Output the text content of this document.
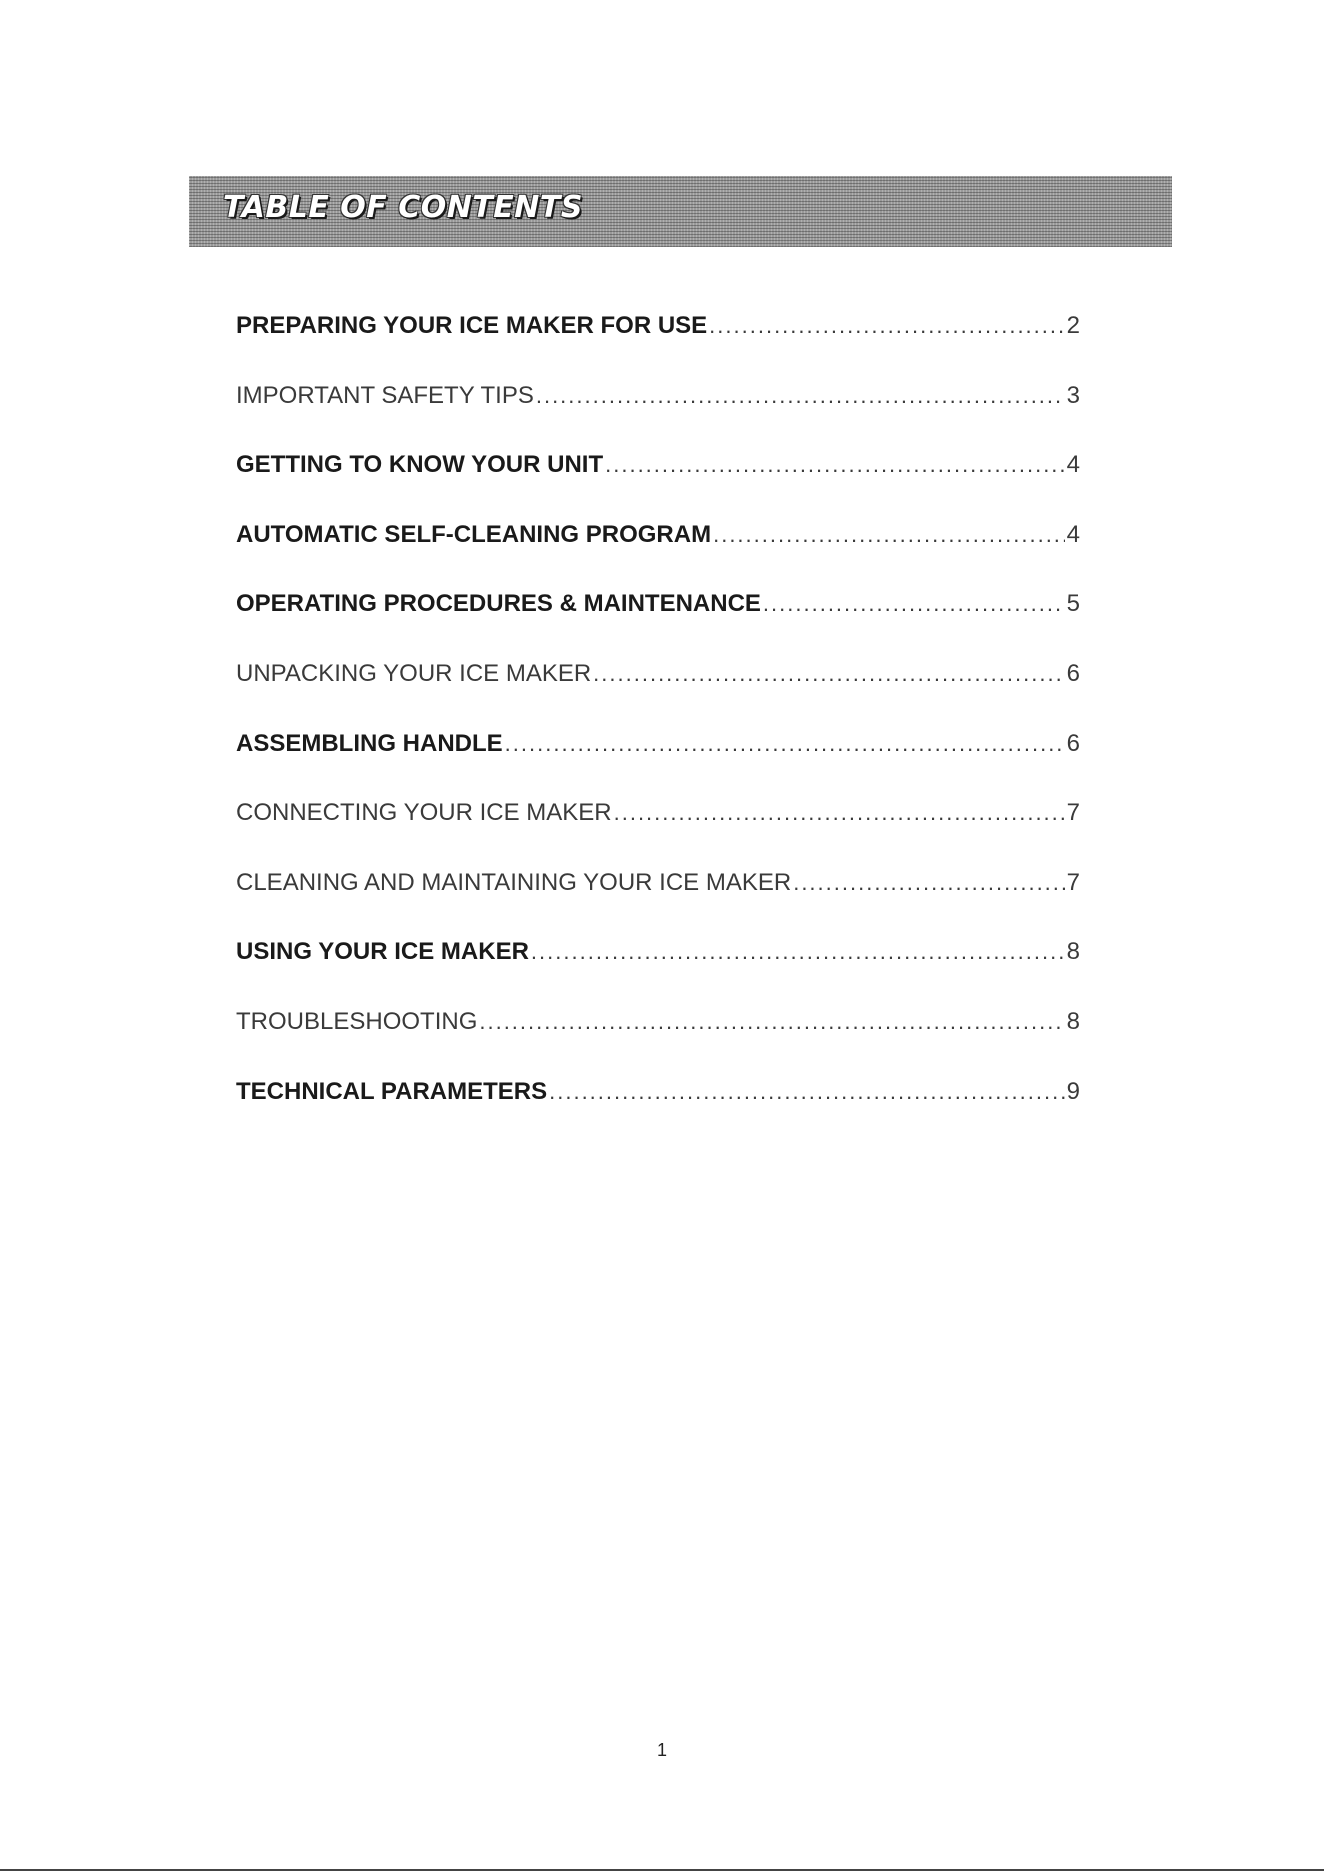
TABLE OF CONTENTS
PREPARING YOUR ICE MAKER FOR USE .....	2
IMPORTANT SAFETY TIPS .....	3
GETTING TO KNOW YOUR UNIT .....	4
AUTOMATIC SELF-CLEANING PROGRAM .....	4
OPERATING PROCEDURES & MAINTENANCE .....	5
UNPACKING YOUR ICE MAKER .....	6
ASSEMBLING HANDLE .....	6
CONNECTING YOUR ICE MAKER .....	7
CLEANING AND MAINTAINING YOUR ICE MAKER .....	7
USING YOUR ICE MAKER .....	8
TROUBLESHOOTING .....	8
TECHNICAL PARAMETERS .....	9
1
